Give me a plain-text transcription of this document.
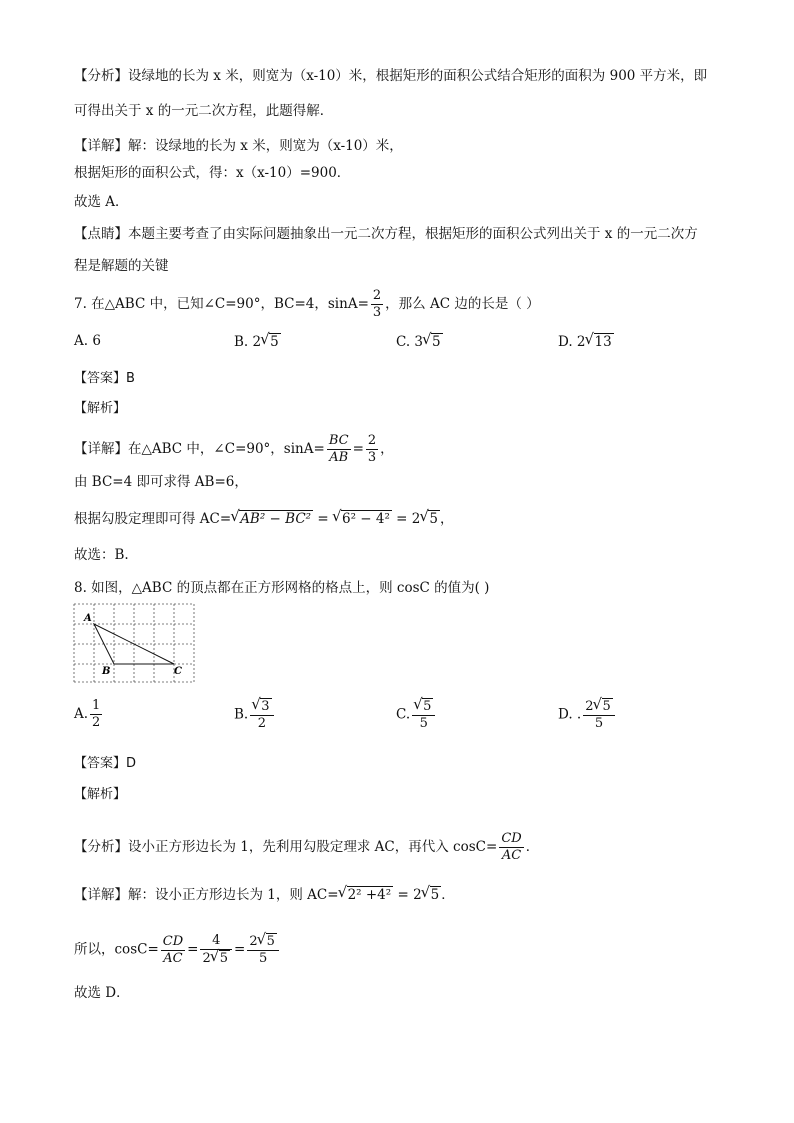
【分析】设绿地的长为 x 米，则宽为（x-10）米，根据矩形的面积公式结合矩形的面积为 900 平方米，即
可得出关于 x 的一元二次方程，此题得解．
【详解】解：设绿地的长为 x 米，则宽为（x-10）米，
根据矩形的面积公式，得：x（x-10）=900．
故选 A．
【点睛】本题主要考查了由实际问题抽象出一元二次方程，根据矩形的面积公式列出关于 x 的一元二次方
程是解题的关键
7. 在△ABC 中，已知∠C=90°，BC=4，$\sin A= \frac{2}{3}$ ，那么 AC 边的长是（ ）
A. 6	B. 2 √ 5	C. 3 √ 5	D. 2 √ 13
【答案】B
【解析】
【详解】在△ABC 中，∠C=90°，$\sin A= \frac{BC}{AB} = \frac{2}{3}$ ，
由 BC=4 即可求得 AB=6，
根据勾股定理即可得 AC= √ AB² − BC² = √ 6² − 4² = 2 √ 5 ，
故选：B.
8. 如图，△ABC 的顶点都在正方形网格的格点上，则 cosC 的值为( )
A
B	C
A. $\frac{1}{2}$	B. √ $\frac{3}{2}$	C. √ $\frac{5}{5}$	D. . $\frac{2 √ 5}{5}$
【答案】D
【解析】
【分析】设小正方形边长为 1，先利用勾股定理求 AC，再代入 $\cos C= \frac{CD}{AC}$ ．
【详解】解：设小正方形边长为 1，则 AC= √ 2² +4² = 2 √ 5 ．
所以，$\cos C= \frac{CD}{AC} = \frac{4}{2 √ 5} = \frac{2 √ 5}{5}$
故选 D．
